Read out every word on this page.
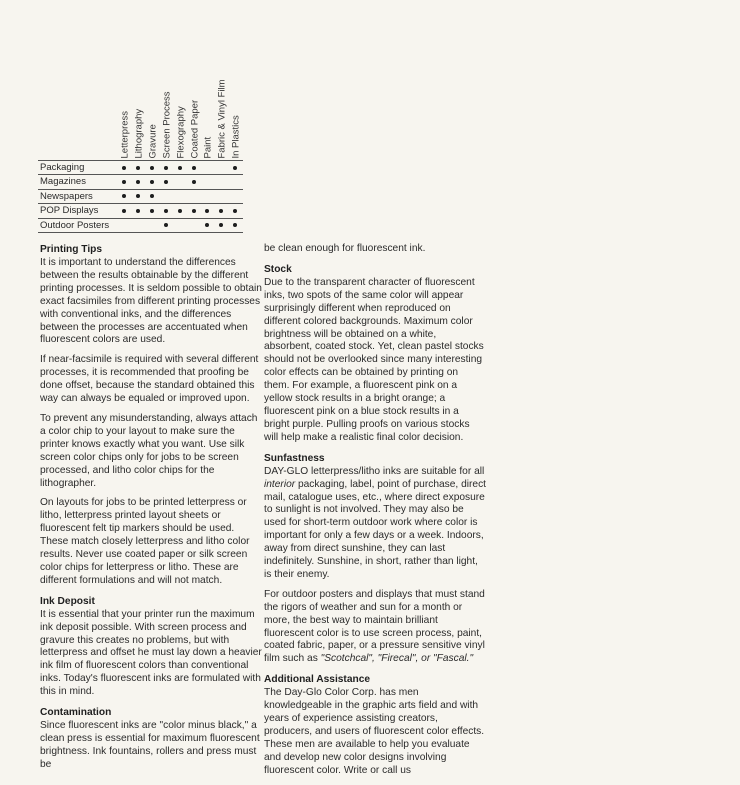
Letterpress Lithography Gravure Screen Process Flexography Coated Paper Paint Fabric & Vinyl Film In Plastics
Packaging
Magazines
Newspapers
POP Displays
Outdoor Posters
Printing Tips

It is important to understand the differences between the results obtainable by the different printing processes. It is seldom possible to obtain exact facsimiles from different printing processes with conventional inks, and the differences between the processes are accentuated when fluorescent colors are used.

If near-facsimile is required with several different processes, it is recommended that proofing be done offset, because the standard obtained this way can always be equaled or improved upon.

To prevent any misunderstanding, always attach a color chip to your layout to make sure the printer knows exactly what you want. Use silk screen color chips only for jobs to be screen processed, and litho color chips for the lithographer.

On layouts for jobs to be printed letterpress or litho, letterpress printed layout sheets or fluorescent felt tip markers should be used. These match closely letterpress and litho color results. Never use coated paper or silk screen color chips for letterpress or litho. These are different formulations and will not match.

Ink Deposit

It is essential that your printer run the maximum ink deposit possible. With screen process and gravure this creates no problems, but with letterpress and offset he must lay down a heavier ink film of fluorescent colors than conventional inks. Today's fluorescent inks are formulated with this in mind.

Contamination

Since fluorescent inks are "color minus black," a clean press is essential for maximum fluorescent brightness. Ink fountains, rollers and press must be

be clean enough for fluorescent ink.

Stock

Due to the transparent character of fluorescent inks, two spots of the same color will appear surprisingly different when reproduced on different colored backgrounds. Maximum color brightness will be obtained on a white, absorbent, coated stock. Yet, clean pastel stocks should not be overlooked since many interesting color effects can be obtained by printing on them. For example, a fluorescent pink on a yellow stock results in a bright orange; a fluorescent pink on a blue stock results in a bright purple. Pulling proofs on various stocks will help make a realistic final color decision.

Sunfastness

DAY-GLO letterpress/litho inks are suitable for all interior packaging, label, point of purchase, direct mail, catalogue uses, etc., where direct exposure to sunlight is not involved. They may also be used for short-term outdoor work where color is important for only a few days or a week. Indoors, away from direct sunshine, they can last indefinitely. Sunshine, in short, rather than light, is their enemy.

For outdoor posters and displays that must stand the rigors of weather and sun for a month or more, the best way to maintain brilliant fluorescent color is to use screen process, paint, coated fabric, paper, or a pressure sensitive vinyl film such as "Scotchcal", "Firecal", or "Fascal."

Additional Assistance

The Day-Glo Color Corp. has men knowledgeable in the graphic arts field and with years of experience assisting creators, producers, and users of fluorescent color effects. These men are available to help you evaluate and develop new color designs involving fluorescent color. Write or call us
